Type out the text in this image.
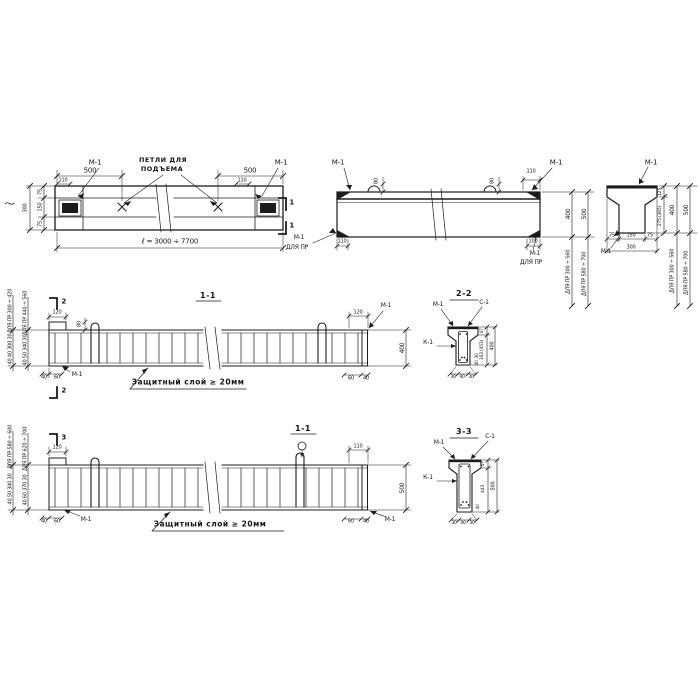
М-1	ПЕТЛИ ДЛЯ
ПОДЪЕМА
М-1
500	500
110	110
75
150
75
300
ℓ = 3000 ÷ 7700
1
1
М-1
80	80
110
М-1
М-1
ДЛЯ ПР
110	100
М-1
ДЛЯ ПР
400 500
ДЛЯ ПР 300 ÷ 560 ДЛЯ ПР 580 ÷ 700
М-1
М-1
75 150 75
300
125
275 (365) 400 500
ДЛЯ ПР 300 ÷ 560 ДЛЯ ПР 580 ÷ 700
1-1
2
2
120
80
ДЛЯ ПР 300 ÷ 420 ДЛЯ ПР 440 ÷ 560
40 40 300 30 40 50 340 30
40 60 М-1
Защитный слой ≥ 20мм
120
М-1
400
60 40
1-1
3
120
ДЛЯ ПР 580 ÷ 600 ДЛЯ ПР 620 ÷ 700
40 50 340 30 40 60 370 30
40 60	М-1	Защитный слой ≥ 20мм
110
500
60 40	М-1
2-2
М-1	С-1
К-1
47
353 (453) 400
30
40
30 90 30
3-3
М-1
С-1
К-1
47
443 500
40
30 90 30
